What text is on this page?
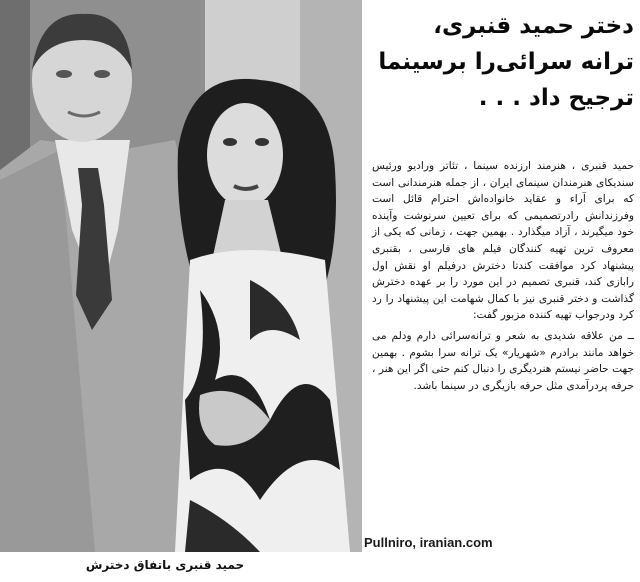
دختر حمید قنبری، ترانه سرائی‌را برسینما ترجیح داد . . .

حمید قنبری ، هنرمند ارزنده سینما ، تئاتر ورادیو ورئیس سندیکای هنرمندان سینمای ایران ، از جمله هنرمندانی است که برای آراء و عقاید خانواده‌اش احترام قائل است وفرزندانش رادرتصمیمی که برای تعیین سرنوشت وآینده خود میگیرند ، آزاد میگذارد . بهمین جهت ، زمانی که یکی از معروف ترین تهیه کنندگان فیلم های فارسی ، بقنبری پیشنهاد کرد موافقت کندتا دخترش درفیلم او نقش اول رابازی کند، قنبری تصمیم در این مورد را بر عهده دخترش گذاشت و دختر قنبری نیز با کمال شهامت این پیشنهاد را رد کرد ودرجواب تهیه کننده مزبور گفت:

ــ من علاقه شدیدی به شعر و ترانه‌سرائی دارم ودلم می خواهد مانند برادرم «شهریار» یک ترانه سرا بشوم . بهمین جهت حاضر نیستم هنردیگری را دنبال کنم حتی اگر این هنر ، حرفه پردرآمدی مثل حرفه بازیگری در سینما باشد.

Pullniro, iranian.com
حمید قنبری باتفاق دخترش
